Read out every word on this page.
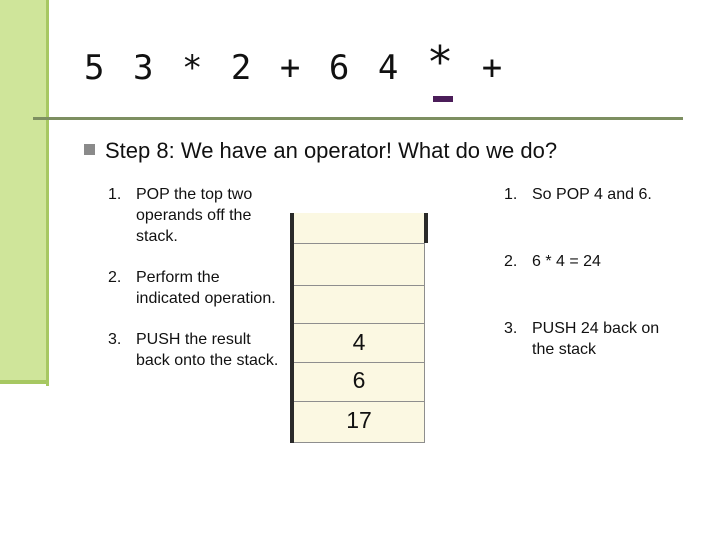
5 3 * 2 + 6 4 * +
Step 8: We have an operator! What do we do?
1. POP the top two operands off the stack.
2. Perform the indicated operation.
3. PUSH the result back onto the stack.
4
6
17
1. So POP 4 and 6.
2. 6 * 4 = 24
3. PUSH 24 back on the stack
